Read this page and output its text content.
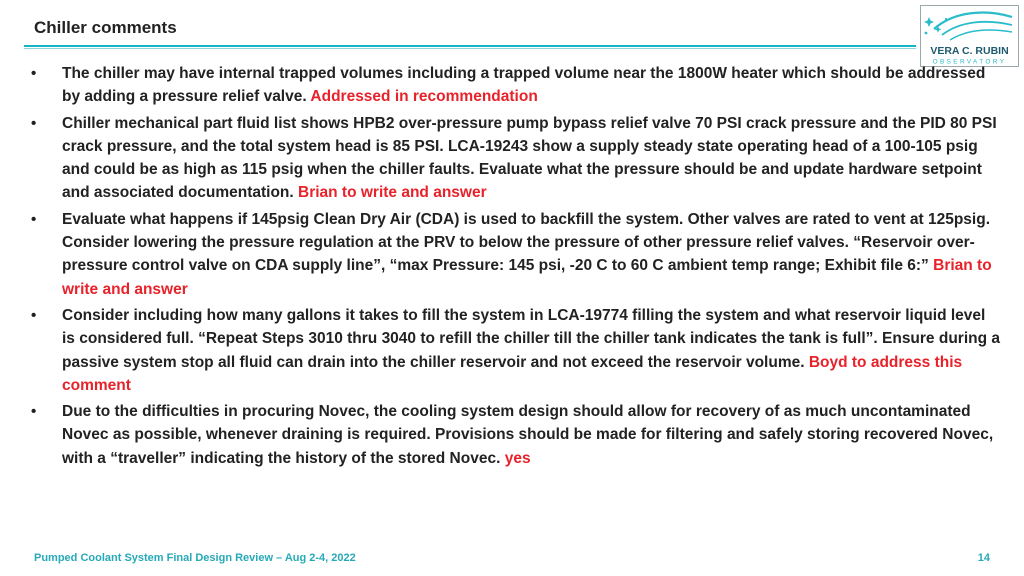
Chiller comments
VERA C. RUBIN
OBSERVATORY
• The chiller may have internal trapped volumes including a trapped volume near the 1800W heater which should be addressed by adding a pressure relief valve. Addressed in recommendation
• Chiller mechanical part fluid list shows HPB2 over-pressure pump bypass relief valve 70 PSI crack pressure and the PID 80 PSI crack pressure, and the total system head is 85 PSI. LCA-19243 show a supply steady state operating head of a 100-105 psig and could be as high as 115 psig when the chiller faults. Evaluate what the pressure should be and update hardware setpoint and associated documentation. Brian to write and answer
• Evaluate what happens if 145psig Clean Dry Air (CDA) is used to backfill the system. Other valves are rated to vent at 125psig. Consider lowering the pressure regulation at the PRV to below the pressure of other pressure relief valves. “Reservoir over-pressure control valve on CDA supply line”, “max Pressure: 145 psi, -20 C to 60 C ambient temp range; Exhibit file 6:” Brian to write and answer
• Consider including how many gallons it takes to fill the system in LCA-19774 filling the system and what reservoir liquid level is considered full. “Repeat Steps 3010 thru 3040 to refill the chiller till the chiller tank indicates the tank is full”. Ensure during a passive system stop all fluid can drain into the chiller reservoir and not exceed the reservoir volume. Boyd to address this comment
• Due to the difficulties in procuring Novec, the cooling system design should allow for recovery of as much uncontaminated Novec as possible, whenever draining is required. Provisions should be made for filtering and safely storing recovered Novec, with a “traveller” indicating the history of the stored Novec. yes
Pumped Coolant System Final Design Review – Aug 2-4, 2022	14
